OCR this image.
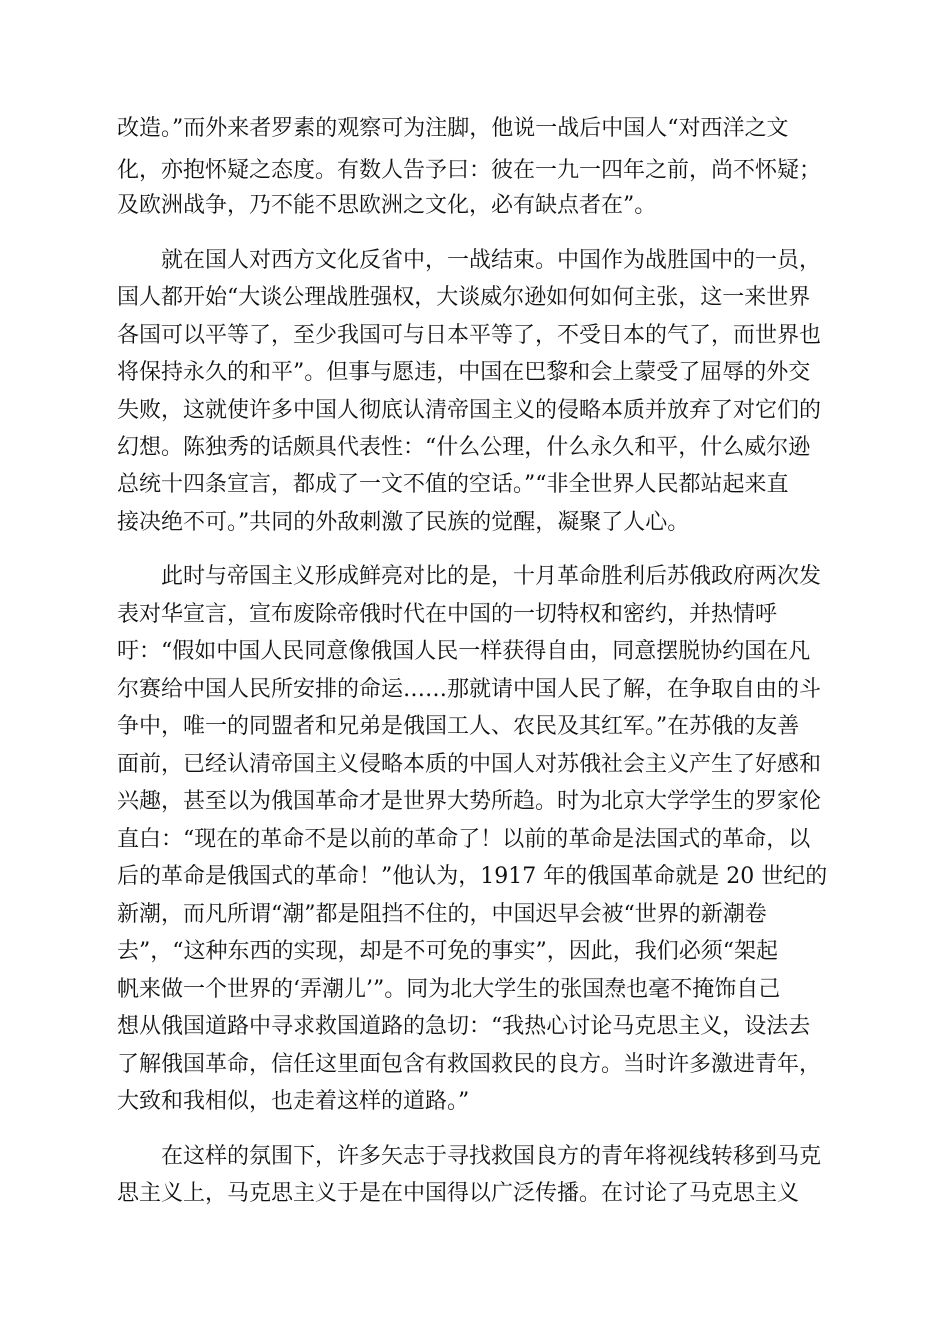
改造。”而外来者罗素的观察可为注脚，他说一战后中国人“对西洋之文
化，亦抱怀疑之态度。有数人告予曰：彼在一九一四年之前，尚不怀疑；
及欧洲战争，乃不能不思欧洲之文化，必有缺点者在”。
　　就在国人对西方文化反省中，一战结束。中国作为战胜国中的一员，
国人都开始“大谈公理战胜强权，大谈威尔逊如何如何主张，这一来世界
各国可以平等了，至少我国可与日本平等了，不受日本的气了，而世界也
将保持永久的和平”。但事与愿违，中国在巴黎和会上蒙受了屈辱的外交
失败，这就使许多中国人彻底认清帝国主义的侵略本质并放弃了对它们的
幻想。陈独秀的话颇具代表性：“什么公理，什么永久和平，什么威尔逊
总统十四条宣言，都成了一文不值的空话。”“非全世界人民都站起来直
接决绝不可。”共同的外敌刺激了民族的觉醒，凝聚了人心。
　　此时与帝国主义形成鲜亮对比的是，十月革命胜利后苏俄政府两次发
表对华宣言，宣布废除帝俄时代在中国的一切特权和密约，并热情呼
吁：“假如中国人民同意像俄国人民一样获得自由，同意摆脱协约国在凡
尔赛给中国人民所安排的命运……那就请中国人民了解，在争取自由的斗
争中，唯一的同盟者和兄弟是俄国工人、农民及其红军。”在苏俄的友善
面前，已经认清帝国主义侵略本质的中国人对苏俄社会主义产生了好感和
兴趣，甚至以为俄国革命才是世界大势所趋。时为北京大学学生的罗家伦
直白：“现在的革命不是以前的革命了！以前的革命是法国式的革命，以
后的革命是俄国式的革命！”他认为，1917 年的俄国革命就是 20 世纪的
新潮，而凡所谓“潮”都是阻挡不住的，中国迟早会被“世界的新潮卷
去”，“这种东西的实现，却是不可免的事实”，因此，我们必须“架起
帆来做一个世界的‘弄潮儿’”。同为北大学生的张国焘也毫不掩饰自己
想从俄国道路中寻求救国道路的急切：“我热心讨论马克思主义，设法去
了解俄国革命，信任这里面包含有救国救民的良方。当时许多激进青年，
大致和我相似，也走着这样的道路。”
　　在这样的氛围下，许多矢志于寻找救国良方的青年将视线转移到马克
思主义上，马克思主义于是在中国得以广泛传播。在讨论了马克思主义
